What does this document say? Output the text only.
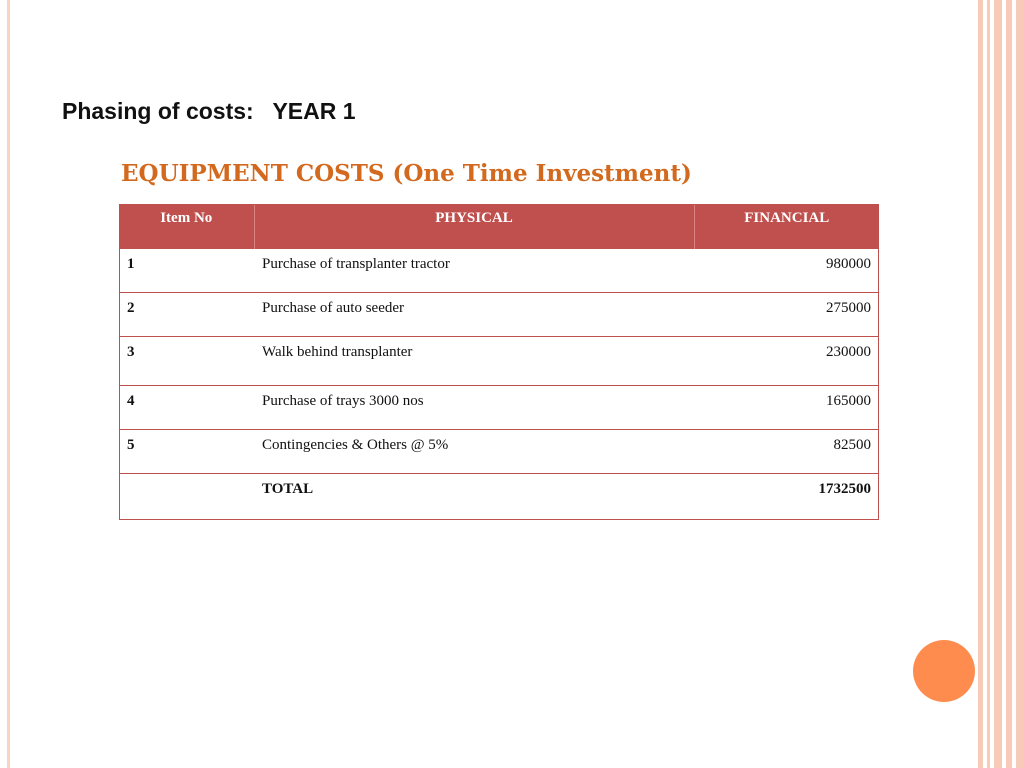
Phasing of costs:   YEAR 1
EQUIPMENT COSTS (One Time Investment)
Item No	PHYSICAL	FINANCIAL
1	Purchase of transplanter tractor	980000
2	Purchase of auto seeder	275000
3	Walk behind transplanter	230000
4	Purchase of trays 3000 nos	165000
5	Contingencies & Others @ 5%	82500
	TOTAL	1732500
